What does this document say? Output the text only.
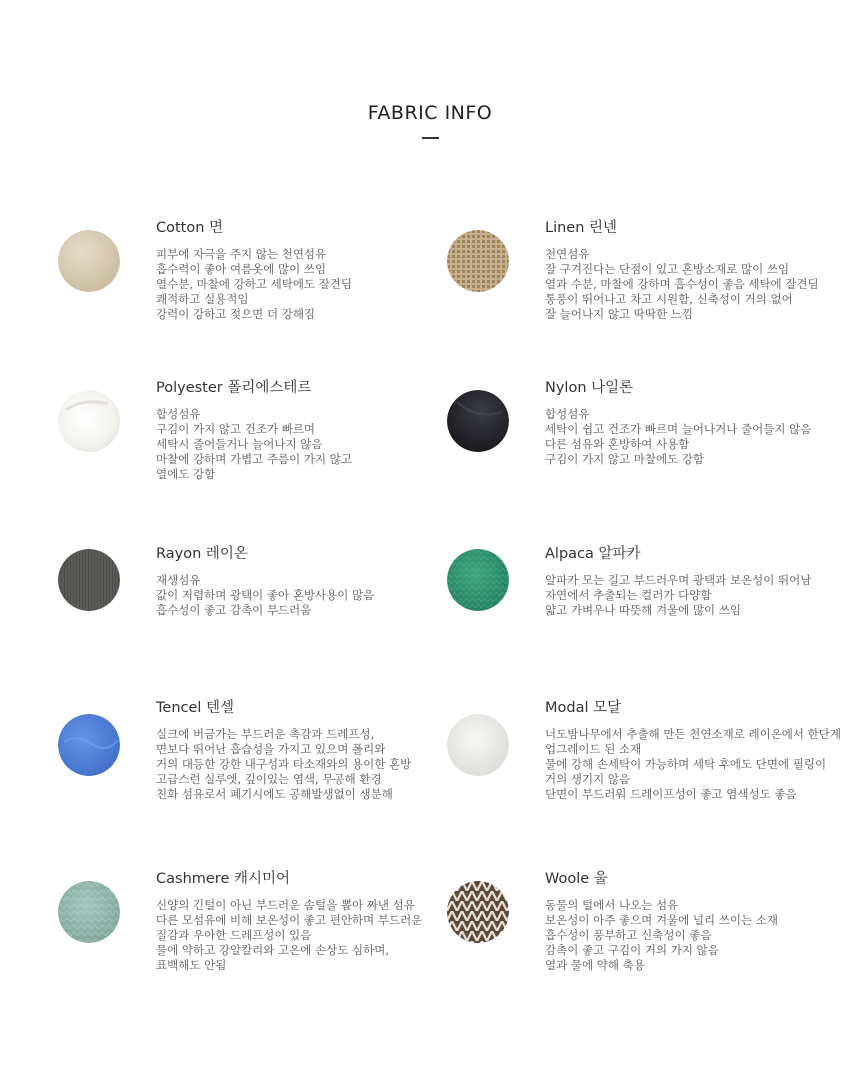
FABRIC INFO
Cotton 면
피부에 자극을 주지 않는 천연섬유
흡수력이 좋아 여름옷에 많이 쓰임
열수분, 마찰에 강하고 세탁에도 잘견딤
쾌적하고 실용적임
강력이 강하고 젖으면 더 강해짐
Linen 린넨
천연섬유
잘 구겨진다는 단점이 있고 혼방소재로 많이 쓰임
열과 수분, 마찰에 강하며 흡수성이 좋음 세탁에 잘견딤
통풍이 뛰어나고 차고 시원함, 신축성이 거의 없어
잘 늘어나지 않고 딱딱한 느낌
Polyester 폴리에스테르
합성섬유
구김이 가지 않고 건조가 빠르며
세탁시 줄어들거나 늘어나지 않음
마찰에 강하며 가볍고 주름이 가지 않고
열에도 강함
Nylon 나일론
합성섬유
세탁이 쉽고 건조가 빠르며 늘어나거나 줄어들지 않음
다른 섬유와 혼방하여 사용함
구김이 가지 않고 마찰에도 강함
Rayon 레이온
재생섬유
값이 저렴하며 광택이 좋아 혼방사용이 많음
흡수성이 좋고 감촉이 부드러움
Alpaca 알파카
알파카 모는 길고 부드러우며 광택과 보온성이 뛰어남
자연에서 추출되는 컬러가 다양함
얇고 가벼우나 따뜻해 겨울에 많이 쓰임
Tencel 텐셀
실크에 버금가는 부드러운 촉감과 드레프성,
면보다 뛰어난 흡습성을 가지고 있으며 폴리와
거의 대등한 강한 내구성과 타소재와의 용이한 혼방
고급스런 실루엣, 깊이있는 염색, 무공해 환경
친화 섬유로서 폐기시에도 공해발생없이 생분해
Modal 모달
너도밤나무에서 추출해 만든 천연소재로 레이온에서 한단계
업그레이드 된 소재
물에 강해 손세탁이 가능하며 세탁 후에도 단면에 필링이
거의 생기지 않음
단면이 부드러워 드레이프성이 좋고 염색성도 좋음
Cashmere 캐시미어
신양의 긴털이 아닌 부드러운 솜털을 뽑아 짜낸 섬유
다른 모섬유에 비해 보온성이 좋고 편안하며 부드러운
질감과 우아한 드레프성이 있음
물에 약하고 강알칼리와 고온에 손상도 심하며,
표백해도 안됨
Woole 울
동물의 털에서 나오는 섬유
보온성이 아주 좋으며 겨울에 널리 쓰이는 소재
흡수성이 풍부하고 신축성이 좋음
감촉이 좋고 구김이 거의 가지 않음
열과 물에 약해 축용
